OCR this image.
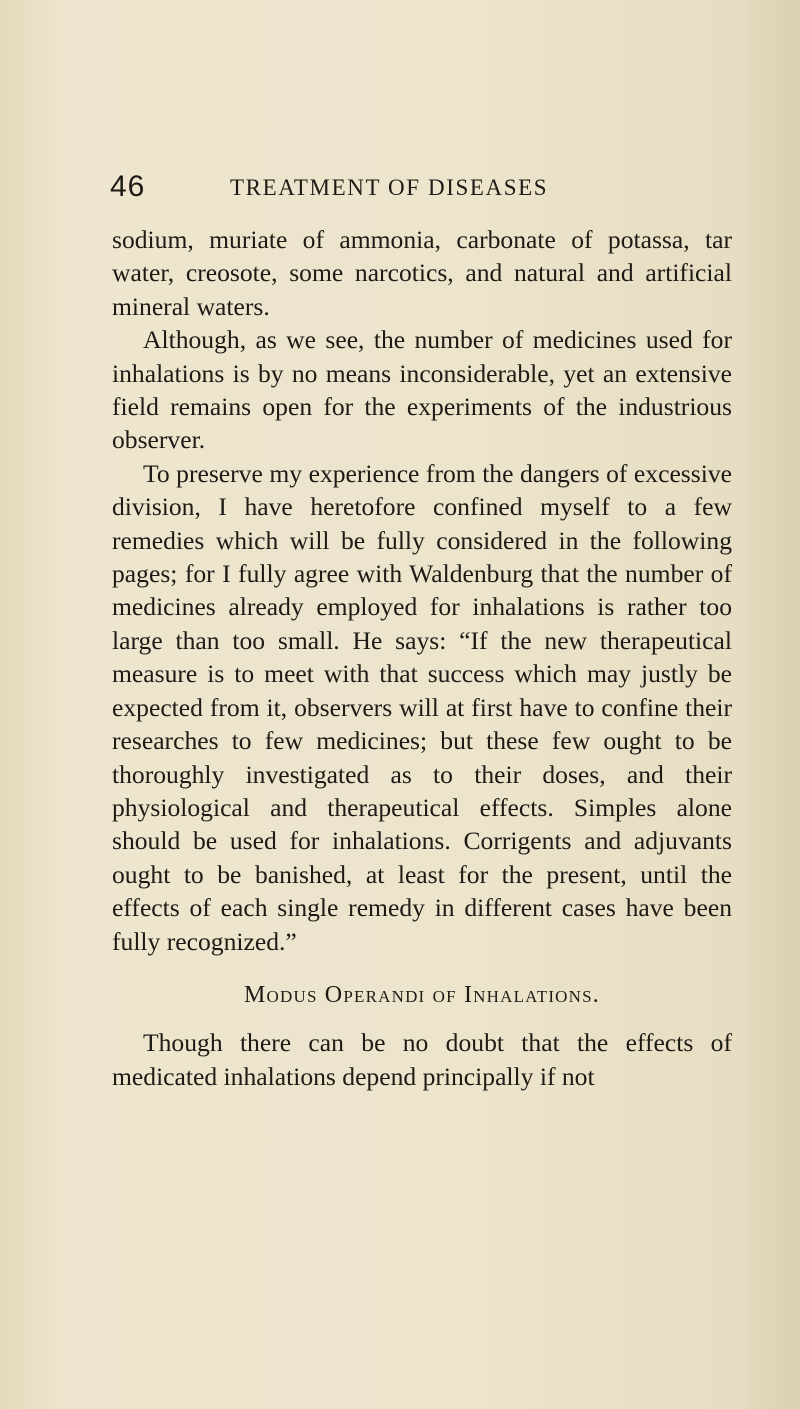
46	TREATMENT OF DISEASES

sodium, muriate of ammonia, carbonate of potassa, tar water, creosote, some narcotics, and natural and artificial mineral waters.

Although, as we see, the number of medicines used for inhalations is by no means inconsiderable, yet an extensive field remains open for the experiments of the industrious observer.

To preserve my experience from the dangers of excessive division, I have heretofore confined myself to a few remedies which will be fully considered in the following pages; for I fully agree with Waldenburg that the number of medicines already employed for inhalations is rather too large than too small. He says: “If the new therapeutical measure is to meet with that success which may justly be expected from it, observers will at first have to confine their researches to few medicines; but these few ought to be thoroughly investigated as to their doses, and their physiological and therapeutical effects. Simples alone should be used for inhalations. Corrigents and adjuvants ought to be banished, at least for the present, until the effects of each single remedy in different cases have been fully recognized.”

Modus Operandi of Inhalations.

Though there can be no doubt that the effects of medicated inhalations depend principally if not
